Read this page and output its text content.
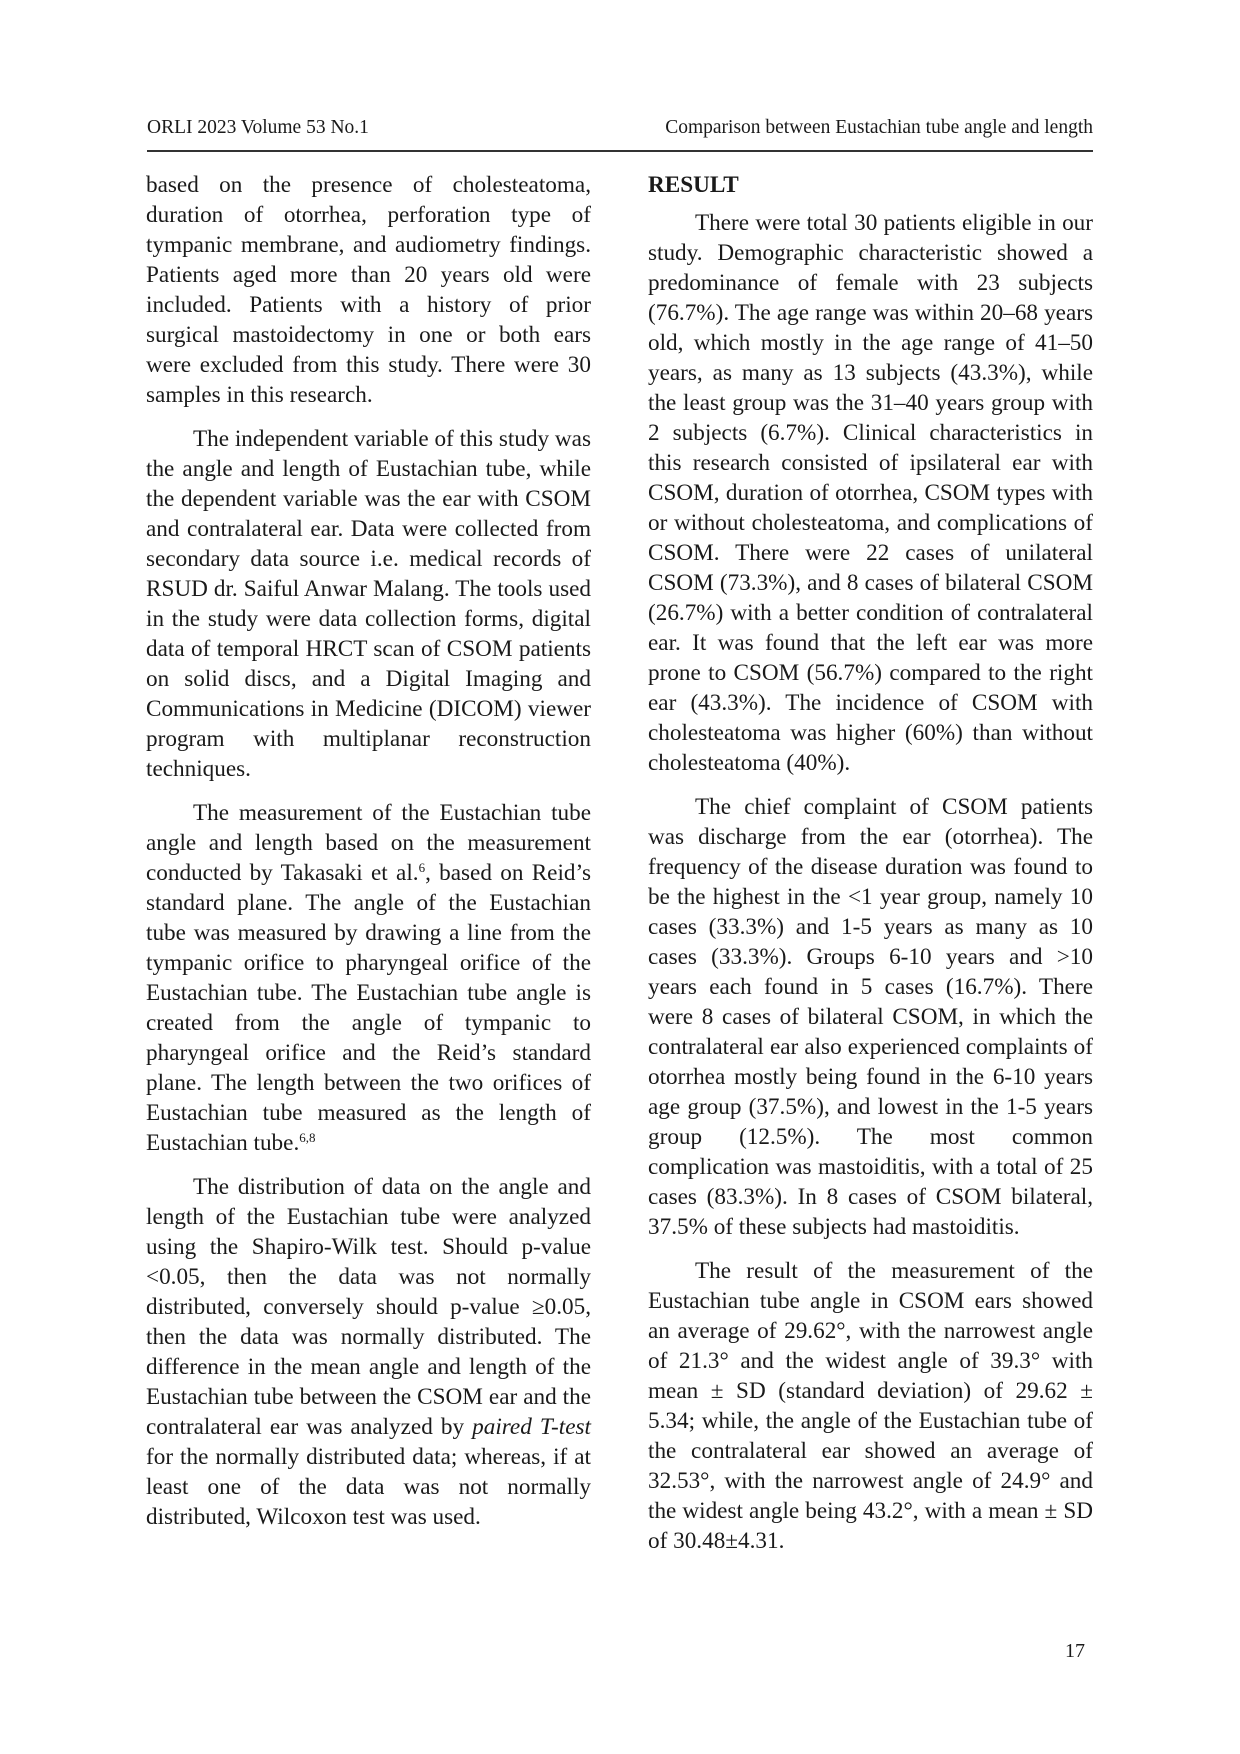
ORLI 2023 Volume 53 No.1	Comparison between Eustachian tube angle and length

based on the presence of cholesteatoma, duration of otorrhea, perforation type of tympanic membrane, and audiometry findings. Patients aged more than 20 years old were included. Patients with a history of prior surgical mastoidectomy in one or both ears were excluded from this study. There were 30 samples in this research.

The independent variable of this study was the angle and length of Eustachian tube, while the dependent variable was the ear with CSOM and contralateral ear. Data were collected from secondary data source i.e. medical records of RSUD dr. Saiful Anwar Malang. The tools used in the study were data collection forms, digital data of temporal HRCT scan of CSOM patients on solid discs, and a Digital Imaging and Communications in Medicine (DICOM) viewer program with multiplanar reconstruction techniques.

The measurement of the Eustachian tube angle and length based on the measurement conducted by Takasaki et al.$^6$, based on Reid’s standard plane. The angle of the Eustachian tube was measured by drawing a line from the tympanic orifice to pharyngeal orifice of the Eustachian tube. The Eustachian tube angle is created from the angle of tympanic to pharyngeal orifice and the Reid’s standard plane. The length between the two orifices of Eustachian tube measured as the length of Eustachian tube.$^{6,8}$

The distribution of data on the angle and length of the Eustachian tube were analyzed using the Shapiro-Wilk test. Should p-value <0.05, then the data was not normally distributed, conversely should p-value ≥0.05, then the data was normally distributed. The difference in the mean angle and length of the Eustachian tube between the CSOM ear and the contralateral ear was analyzed by paired T-test for the normally distributed data; whereas, if at least one of the data was not normally distributed, Wilcoxon test was used.

RESULT

There were total 30 patients eligible in our study. Demographic characteristic showed a predominance of female with 23 subjects (76.7%). The age range was within 20–68 years old, which mostly in the age range of 41–50 years, as many as 13 subjects (43.3%), while the least group was the 31–40 years group with 2 subjects (6.7%). Clinical characteristics in this research consisted of ipsilateral ear with CSOM, duration of otorrhea, CSOM types with or without cholesteatoma, and complications of CSOM. There were 22 cases of unilateral CSOM (73.3%), and 8 cases of bilateral CSOM (26.7%) with a better condition of contralateral ear. It was found that the left ear was more prone to CSOM (56.7%) compared to the right ear (43.3%). The incidence of CSOM with cholesteatoma was higher (60%) than without cholesteatoma (40%).

The chief complaint of CSOM patients was discharge from the ear (otorrhea). The frequency of the disease duration was found to be the highest in the <1 year group, namely 10 cases (33.3%) and 1-5 years as many as 10 cases (33.3%). Groups 6-10 years and >10 years each found in 5 cases (16.7%). There were 8 cases of bilateral CSOM, in which the contralateral ear also experienced complaints of otorrhea mostly being found in the 6-10 years age group (37.5%), and lowest in the 1-5 years group (12.5%). The most common complication was mastoiditis, with a total of 25 cases (83.3%). In 8 cases of CSOM bilateral, 37.5% of these subjects had mastoiditis.

The result of the measurement of the Eustachian tube angle in CSOM ears showed an average of 29.62°, with the narrowest angle of 21.3° and the widest angle of 39.3° with mean ± SD (standard deviation) of 29.62 ± 5.34; while, the angle of the Eustachian tube of the contralateral ear showed an average of 32.53°, with the narrowest angle of 24.9° and the widest angle being 43.2°, with a mean ± SD of 30.48±4.31.

17
